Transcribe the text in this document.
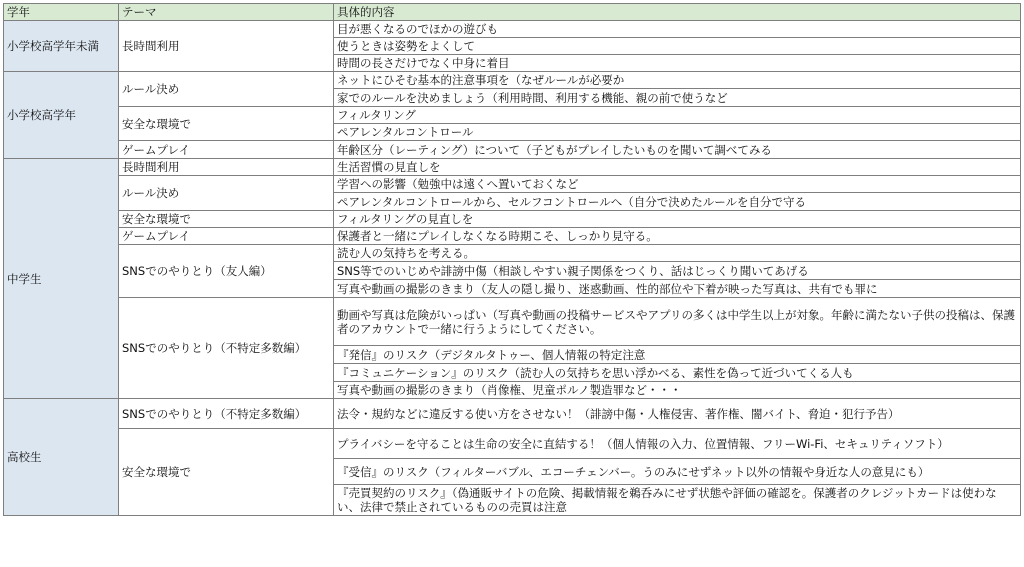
学年	テーマ	具体的内容
小学校高学年未満	長時間利用	目が悪くなるのでほかの遊びも
		使うときは姿勢をよくして
		時間の長さだけでなく中身に着目
小学校高学年	ルール決め	ネットにひそむ基本的注意事項を（なぜルールが必要か
		家でのルールを決めましょう（利用時間、利用する機能、親の前で使うなど
	安全な環境で	フィルタリング
		ペアレンタルコントロール
	ゲームプレイ	年齢区分（レーティング）について（子どもがプレイしたいものを聞いて調べてみる
中学生	長時間利用	生活習慣の見直しを
	ルール決め	学習への影響（勉強中は遠くへ置いておくなど
		ペアレンタルコントロールから、セルフコントロールへ（自分で決めたルールを自分で守る
	安全な環境で	フィルタリングの見直しを
	ゲームプレイ	保護者と一緒にプレイしなくなる時期こそ、しっかり見守る。
	SNSでのやりとり（友人編）	読む人の気持ちを考える。
		SNS等でのいじめや誹謗中傷（相談しやすい親子関係をつくり、話はじっくり聞いてあげる
		写真や動画の撮影のきまり（友人の隠し撮り、迷惑動画、性的部位や下着が映った写真は、共有でも罪に
	SNSでのやりとり（不特定多数編）	動画や写真は危険がいっぱい（写真や動画の投稿サービスやアプリの多くは中学生以上が対象。年齢に満たない子供の投稿は、保護者のアカウントで一緒に行うようにしてください。
		『発信』のリスク（デジタルタトゥー、個人情報の特定注意
		『コミュニケーション』のリスク（読む人の気持ちを思い浮かべる、素性を偽って近づいてくる人も
		写真や動画の撮影のきまり（肖像権、児童ポルノ製造罪など・・・
高校生	SNSでのやりとり（不特定多数編）	法令・規約などに違反する使い方をさせない！（誹謗中傷・人権侵害、著作権、闇バイト、脅迫・犯行予告）
	安全な環境で	プライバシーを守ることは生命の安全に直結する！（個人情報の入力、位置情報、フリーWi-Fi、セキュリティソフト）
		『受信』のリスク（フィルターバブル、エコーチェンバー。うのみにせずネット以外の情報や身近な人の意見にも）
		『売買契約のリスク』（偽通販サイトの危険、掲載情報を鵜呑みにせず状態や評価の確認を。保護者のクレジットカードは使わない、法律で禁止されているものの売買は注意
